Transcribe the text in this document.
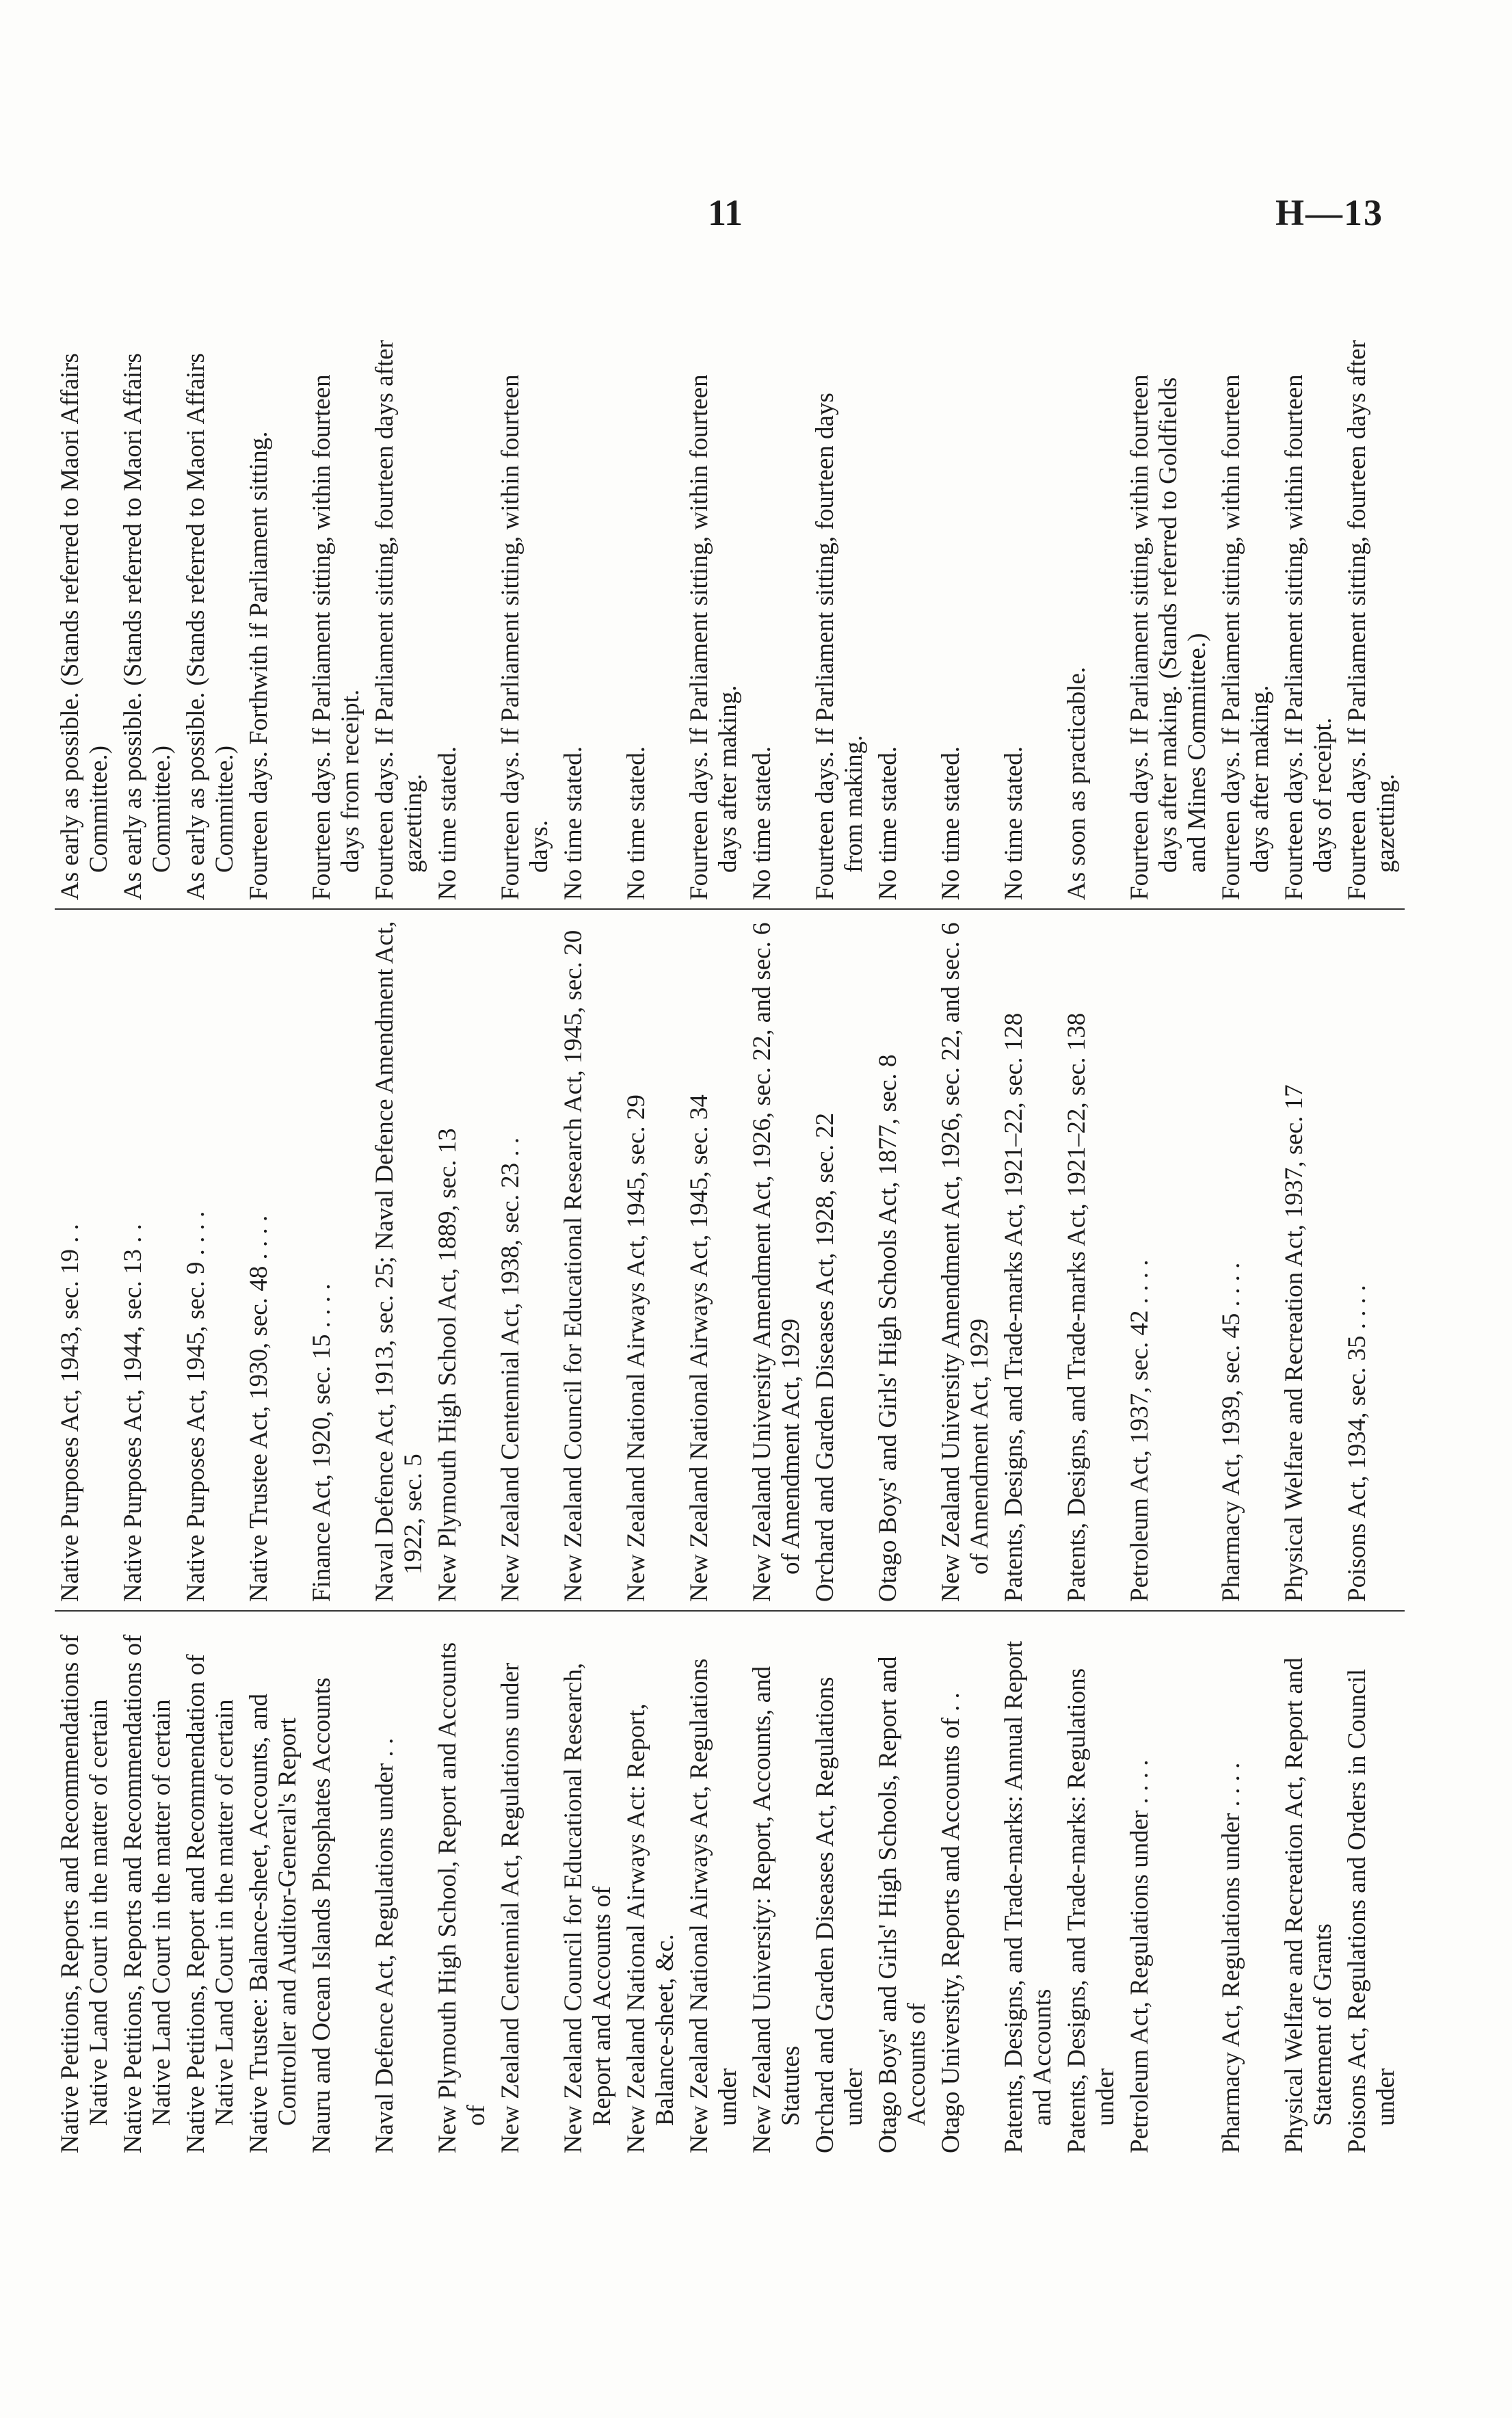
11	H—13
Native Petitions, Reports and Recommendations of Native Land Court in the matter of certain	Native Purposes Act, 1943, sec. 19 . .	As early as possible. (Stands referred to Maori Affairs Committee.)

Native Petitions, Reports and Recommendations of Native Land Court in the matter of certain	Native Purposes Act, 1944, sec. 13 . .	As early as possible. (Stands referred to Maori Affairs Committee.)

Native Petitions, Report and Recommendation of Native Land Court in the matter of certain	Native Purposes Act, 1945, sec. 9 . . . .	As early as possible. (Stands referred to Maori Affairs Committee.)

Native Trustee: Balance-sheet, Accounts, and Controller and Auditor-General's Report	Native Trustee Act, 1930, sec. 48 . . . .	Fourteen days. Forthwith if Parliament sitting.

Nauru and Ocean Islands Phosphates Accounts	Finance Act, 1920, sec. 15 . . . .	Fourteen days. If Parliament sitting, within fourteen days from receipt.

Naval Defence Act, Regulations under . .	Naval Defence Act, 1913, sec. 25; Naval Defence Amendment Act, 1922, sec. 5	Fourteen days. If Parliament sitting, fourteen days after gazetting.

New Plymouth High School, Report and Accounts of	New Plymouth High School Act, 1889, sec. 13	No time stated.

New Zealand Centennial Act, Regulations under	New Zealand Centennial Act, 1938, sec. 23 . .	Fourteen days. If Parliament sitting, within fourteen days.

New Zealand Council for Educational Research, Report and Accounts of	New Zealand Council for Educational Research Act, 1945, sec. 20	No time stated.

New Zealand National Airways Act: Report, Balance-sheet, &c.	New Zealand National Airways Act, 1945, sec. 29	No time stated.

New Zealand National Airways Act, Regulations under	New Zealand National Airways Act, 1945, sec. 34	Fourteen days. If Parliament sitting, within fourteen days after making.

New Zealand University: Report, Accounts, and Statutes	New Zealand University Amendment Act, 1926, sec. 22, and sec. 6 of Amendment Act, 1929	No time stated.

Orchard and Garden Diseases Act, Regulations under	Orchard and Garden Diseases Act, 1928, sec. 22	Fourteen days. If Parliament sitting, fourteen days from making.

Otago Boys' and Girls' High Schools, Report and Accounts of	Otago Boys' and Girls' High Schools Act, 1877, sec. 8	No time stated.

Otago University, Reports and Accounts of . .	New Zealand University Amendment Act, 1926, sec. 22, and sec. 6 of Amendment Act, 1929	No time stated.

Patents, Designs, and Trade-marks: Annual Report and Accounts	Patents, Designs, and Trade-marks Act, 1921–22, sec. 128	No time stated.

Patents, Designs, and Trade-marks: Regulations under	Patents, Designs, and Trade-marks Act, 1921–22, sec. 138	As soon as practicable.

Petroleum Act, Regulations under . . . .	Petroleum Act, 1937, sec. 42 . . . .	Fourteen days. If Parliament sitting, within fourteen days after making. (Stands referred to Goldfields and Mines Committee.)

Pharmacy Act, Regulations under . . . .	Pharmacy Act, 1939, sec. 45 . . . .	Fourteen days. If Parliament sitting, within fourteen days after making.

Physical Welfare and Recreation Act, Report and Statement of Grants	Physical Welfare and Recreation Act, 1937, sec. 17	Fourteen days. If Parliament sitting, within fourteen days of receipt.

Poisons Act, Regulations and Orders in Council under	Poisons Act, 1934, sec. 35 . . . .	Fourteen days. If Parliament sitting, fourteen days after gazetting.
